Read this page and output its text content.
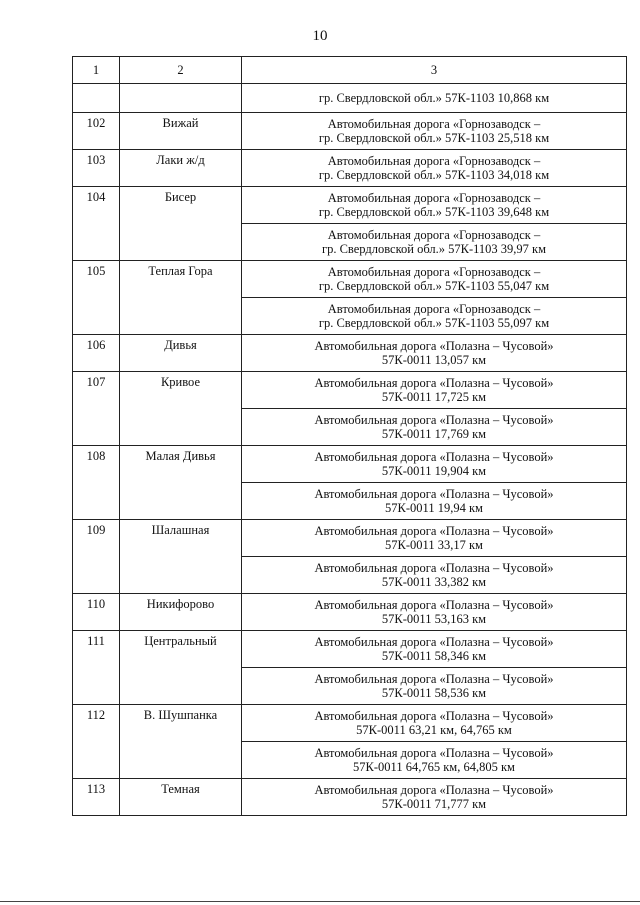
10
1	2	3

		гр. Свердловской обл.» 57К-1103 10,868 км

102	Вижай	Автомобильная дорога «Горнозаводск –
гр. Свердловской обл.» 57К-1103 25,518 км

103	Лаки ж/д	Автомобильная дорога «Горнозаводск –
гр. Свердловской обл.» 57К-1103 34,018 км

104	Бисер	Автомобильная дорога «Горнозаводск –
гр. Свердловской обл.» 57К-1103 39,648 км

		Автомобильная дорога «Горнозаводск –
гр. Свердловской обл.» 57К-1103 39,97 км

105	Теплая Гора	Автомобильная дорога «Горнозаводск –
гр. Свердловской обл.» 57К-1103 55,047 км

		Автомобильная дорога «Горнозаводск –
гр. Свердловской обл.» 57К-1103 55,097 км

106	Дивья	Автомобильная дорога «Полазна – Чусовой»
57К-0011 13,057 км

107	Кривое	Автомобильная дорога «Полазна – Чусовой»
57К-0011 17,725 км

		Автомобильная дорога «Полазна – Чусовой»
57К-0011 17,769 км

108	Малая Дивья	Автомобильная дорога «Полазна – Чусовой»
57К-0011 19,904 км

		Автомобильная дорога «Полазна – Чусовой»
57К-0011 19,94 км

109	Шалашная	Автомобильная дорога «Полазна – Чусовой»
57К-0011 33,17 км

		Автомобильная дорога «Полазна – Чусовой»
57К-0011 33,382 км

110	Никифорово	Автомобильная дорога «Полазна – Чусовой»
57К-0011 53,163 км

111	Центральный	Автомобильная дорога «Полазна – Чусовой»
57К-0011 58,346 км

		Автомобильная дорога «Полазна – Чусовой»
57К-0011 58,536 км

112	В. Шушпанка	Автомобильная дорога «Полазна – Чусовой»
57К-0011 63,21 км, 64,765 км

		Автомобильная дорога «Полазна – Чусовой»
57К-0011 64,765 км, 64,805 км

113	Темная	Автомобильная дорога «Полазна – Чусовой»
57К-0011 71,777 км
